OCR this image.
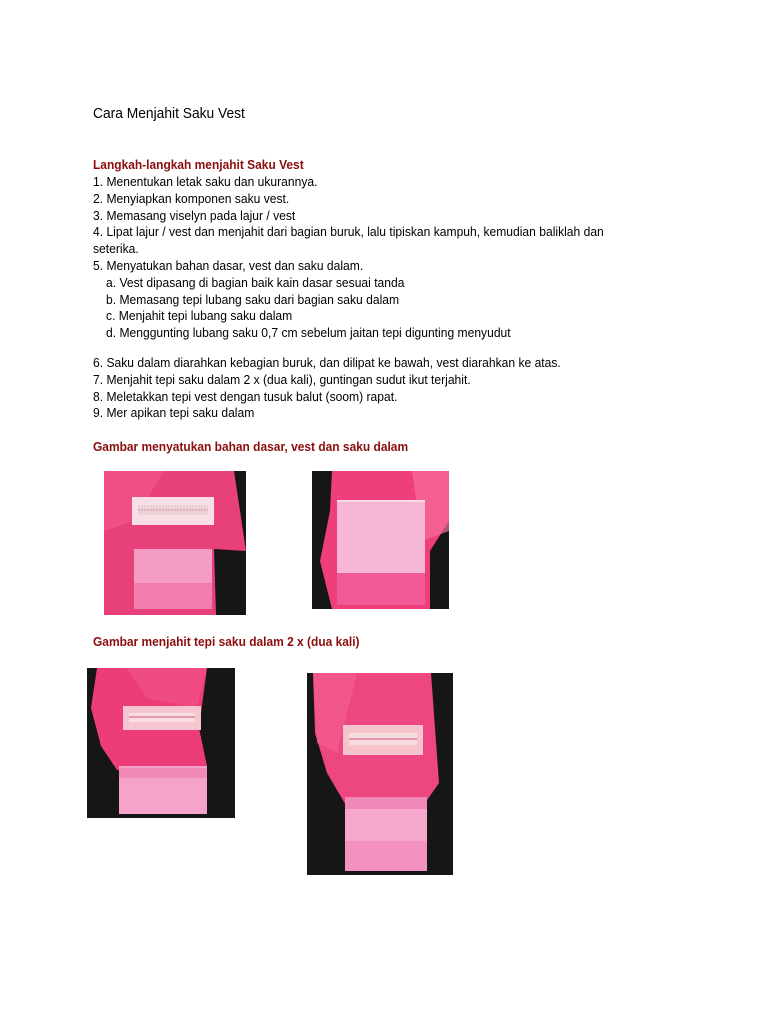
Cara Menjahit Saku Vest
Langkah-langkah menjahit Saku Vest
1. Menentukan letak saku dan ukurannya.
2. Menyiapkan komponen saku vest.
3. Memasang viselyn pada lajur / vest
4. Lipat lajur / vest dan menjahit dari bagian buruk, lalu tipiskan kampuh, kemudian baliklah dan
seterika.
5. Menyatukan bahan dasar, vest dan saku dalam.
a. Vest dipasang di bagian baik kain dasar sesuai tanda
b. Memasang tepi lubang saku dari bagian saku dalam
c. Menjahit tepi lubang saku dalam
d. Menggunting lubang saku 0,7 cm sebelum jaitan tepi digunting menyudut
6. Saku dalam diarahkan kebagian buruk, dan dilipat ke bawah, vest diarahkan ke atas.
7. Menjahit tepi saku dalam 2 x (dua kali), guntingan sudut ikut terjahit.
8. Meletakkan tepi vest dengan tusuk balut (soom) rapat.
9. Mer apikan tepi saku dalam
Gambar menyatukan bahan dasar, vest dan saku dalam
Gambar menjahit tepi saku dalam 2 x (dua kali)
